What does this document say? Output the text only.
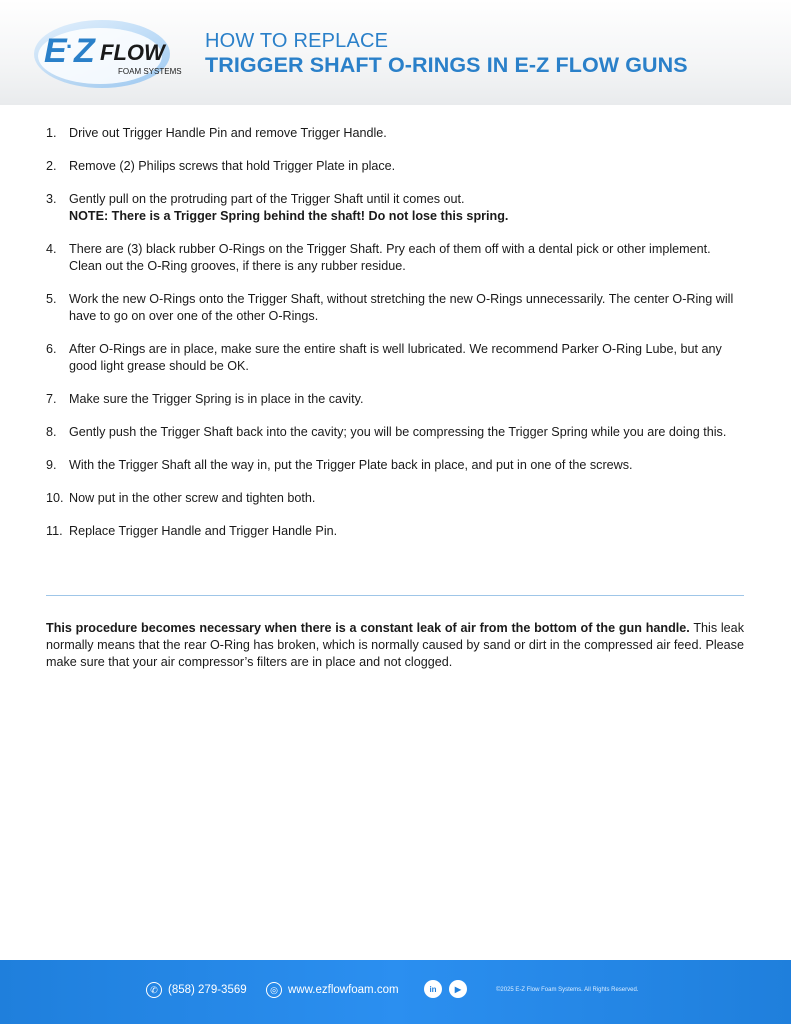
E · Z FLOW
FOAM SYSTEMS
HOW TO REPLACE
TRIGGER SHAFT O-RINGS IN E-Z FLOW GUNS
1. Drive out Trigger Handle Pin and remove Trigger Handle.
2. Remove (2) Philips screws that hold Trigger Plate in place.
3. Gently pull on the protruding part of the Trigger Shaft until it comes out.
NOTE: There is a Trigger Spring behind the shaft! Do not lose this spring.
4. There are (3) black rubber O-Rings on the Trigger Shaft. Pry each of them off with a dental pick or other implement. Clean out the O-Ring grooves, if there is any rubber residue.
5. Work the new O-Rings onto the Trigger Shaft, without stretching the new O-Rings unnecessarily. The center O-Ring will have to go on over one of the other O-Rings.
6. After O-Rings are in place, make sure the entire shaft is well lubricated. We recommend Parker O-Ring Lube, but any good light grease should be OK.
7. Make sure the Trigger Spring is in place in the cavity.
8. Gently push the Trigger Shaft back into the cavity; you will be compressing the Trigger Spring while you are doing this.
9. With the Trigger Shaft all the way in, put the Trigger Plate back in place, and put in one of the screws.
10. Now put in the other screw and tighten both.
11. Replace Trigger Handle and Trigger Handle Pin.

This procedure becomes necessary when there is a constant leak of air from the bottom of the gun handle. This leak normally means that the rear O-Ring has broken, which is normally caused by sand or dirt in the compressed air feed. Please make sure that your air compressor’s filters are in place and not clogged.

✆ (858) 279-3569	◎ www.ezflowfoam.com	in	▶	©2025 E-Z Flow Foam Systems. All Rights Reserved.
